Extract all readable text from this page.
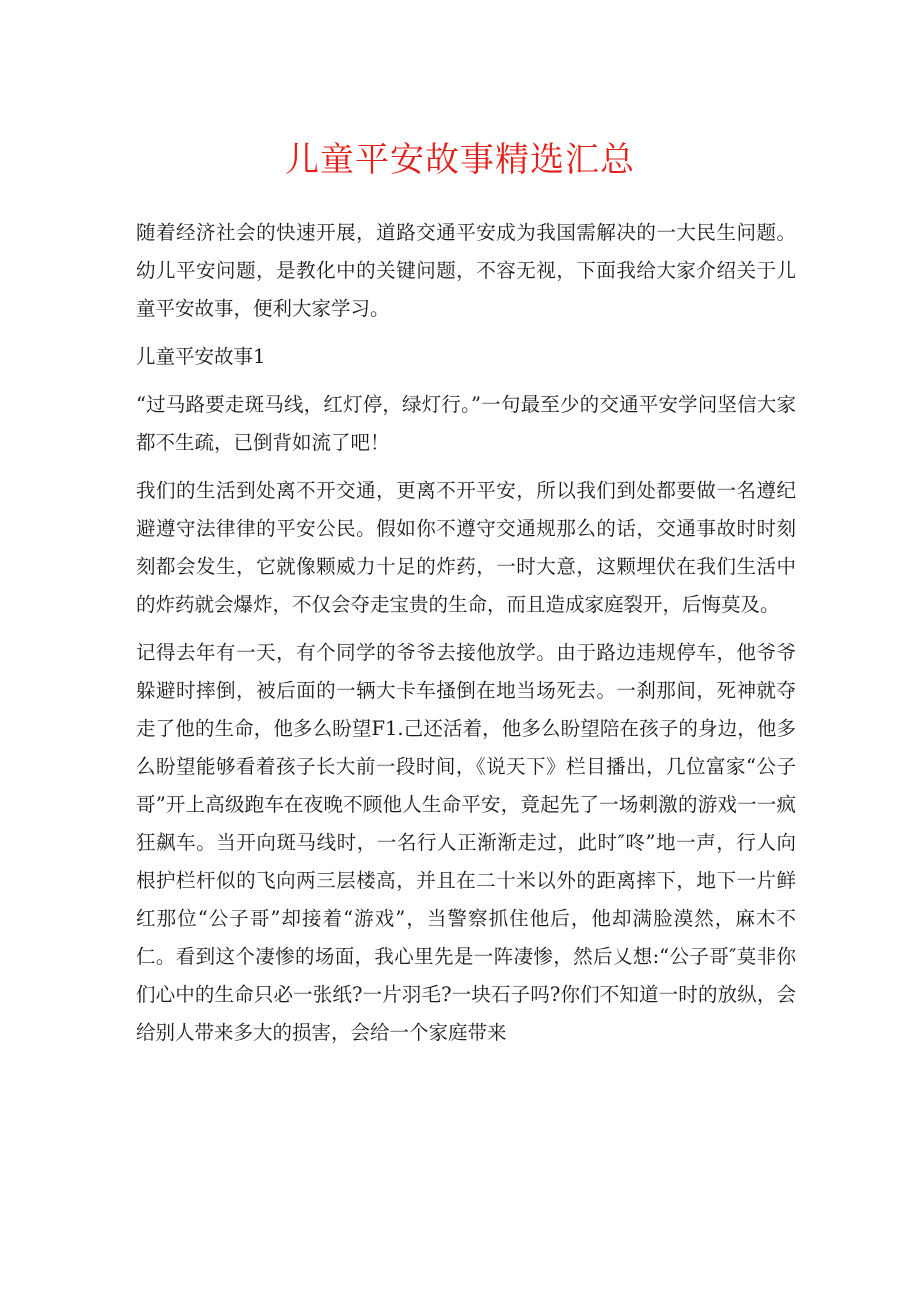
儿童平安故事精选汇总

随着经济社会的快速开展，道路交通平安成为我国需解决的一大民生问题。幼儿平安问题，是教化中的关键问题，不容无视，下面我给大家介绍关于儿童平安故事，便利大家学习。

儿童平安故事1

“过马路要走斑马线，红灯停，绿灯行。”一句最至少的交通平安学问坚信大家都不生疏，已倒背如流了吧！

我们的生活到处离不开交通，更离不开平安，所以我们到处都要做一名遵纪避遵守法律律的平安公民。假如你不遵守交通规那么的话，交通事故时时刻刻都会发生，它就像颗威力十足的炸药，一时大意，这颗埋伏在我们生活中的炸药就会爆炸，不仅会夺走宝贵的生命，而且造成家庭裂开，后悔莫及。

记得去年有一天，有个同学的爷爷去接他放学。由于路边违规停车，他爷爷躲避时摔倒，被后面的一辆大卡车搔倒在地当场死去。一刹那间，死神就夺走了他的生命，他多么盼望F1.己还活着，他多么盼望陪在孩子的身边，他多么盼望能够看着孩子长大前一段时间，《说天下》栏目播出，几位富家“公子哥”开上高级跑车在夜晚不顾他人生命平安，竟起先了一场刺激的游戏一一疯狂飙车。当开向斑马线时，一名行人正渐渐走过，此时″咚”地一声，行人向根护栏杆似的飞向两三层楼高，并且在二十米以外的距离摔下，地下一片鲜红那位“公子哥”却接着“游戏”，当警察抓住他后，他却满脸漠然，麻木不仁。看到这个凄惨的场面，我心里先是一阵凄惨，然后乂想:“公子哥″莫非你们心中的生命只必一张纸?一片羽毛?一块石子吗?你们不知道一时的放纵，会给别人带来多大的损害，会给一个家庭带来
